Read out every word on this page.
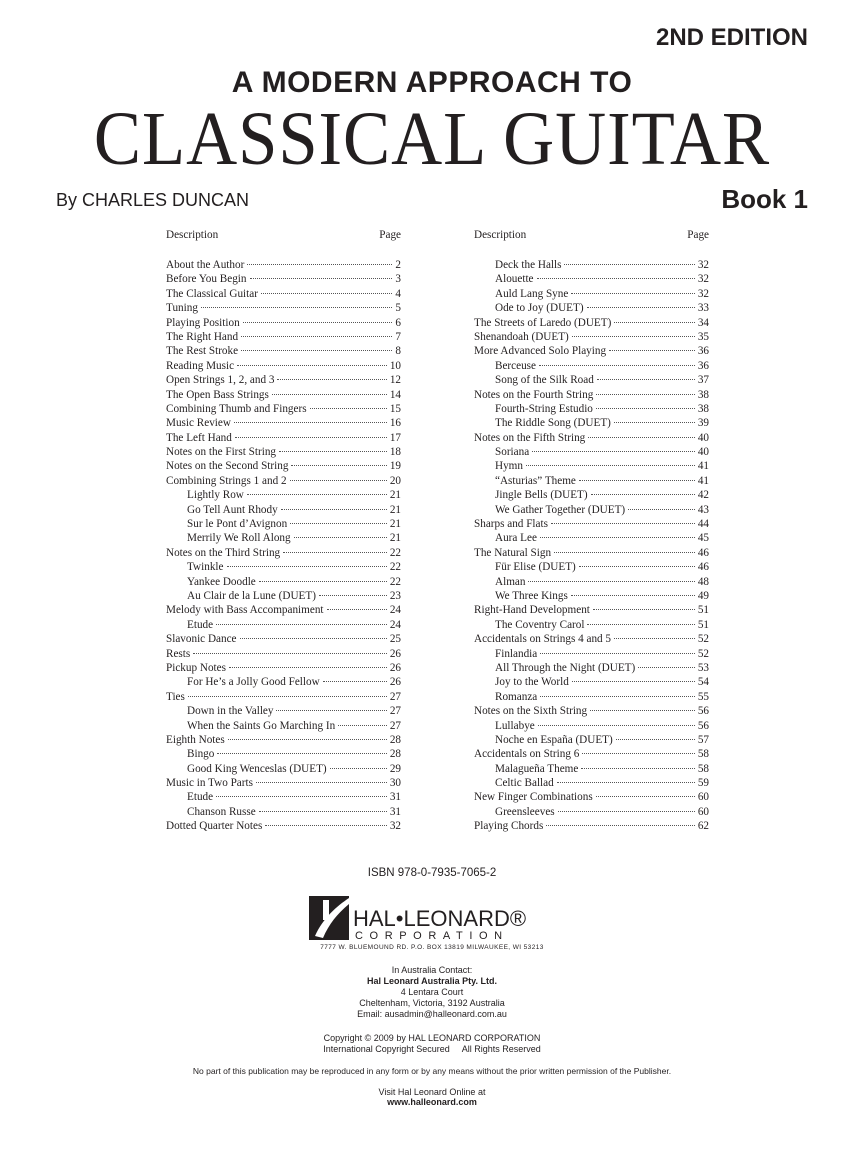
2ND EDITION
A MODERN APPROACH TO
CLASSICAL GUITAR
By CHARLES DUNCAN	Book 1
Description	Page
About the Author	2
Before You Begin	3
The Classical Guitar	4
Tuning	5
Playing Position	6
The Right Hand	7
The Rest Stroke	8
Reading Music	10
Open Strings 1, 2, and 3	12
The Open Bass Strings	14
Combining Thumb and Fingers	15
Music Review	16
The Left Hand	17
Notes on the First String	18
Notes on the Second String	19
Combining Strings 1 and 2	20
Lightly Row	21
Go Tell Aunt Rhody	21
Sur le Pont d’Avignon	21
Merrily We Roll Along	21
Notes on the Third String	22
Twinkle	22
Yankee Doodle	22
Au Clair de la Lune (DUET)	23
Melody with Bass Accompaniment	24
Etude	24
Slavonic Dance	25
Rests	26
Pickup Notes	26
For He’s a Jolly Good Fellow	26
Ties	27
Down in the Valley	27
When the Saints Go Marching In	27
Eighth Notes	28
Bingo	28
Good King Wenceslas (DUET)	29
Music in Two Parts	30
Etude	31
Chanson Russe	31
Dotted Quarter Notes	32
Description	Page
Deck the Halls	32
Alouette	32
Auld Lang Syne	32
Ode to Joy (DUET)	33
The Streets of Laredo (DUET)	34
Shenandoah (DUET)	35
More Advanced Solo Playing	36
Berceuse	36
Song of the Silk Road	37
Notes on the Fourth String	38
Fourth-String Estudio	38
The Riddle Song (DUET)	39
Notes on the Fifth String	40
Soriana	40
Hymn	41
“Asturias” Theme	41
Jingle Bells (DUET)	42
We Gather Together (DUET)	43
Sharps and Flats	44
Aura Lee	45
The Natural Sign	46
Für Elise (DUET)	46
Alman	48
We Three Kings	49
Right-Hand Development	51
The Coventry Carol	51
Accidentals on Strings 4 and 5	52
Finlandia	52
All Through the Night (DUET)	53
Joy to the World	54
Romanza	55
Notes on the Sixth String	56
Lullabye	56
Noche en España (DUET)	57
Accidentals on String 6	58
Malagueña Theme	58
Celtic Ballad	59
New Finger Combinations	60
Greensleeves	60
Playing Chords	62
ISBN 978-0-7935-7065-2
HAL•LEONARD®
CORPORATION
7777 W. BLUEMOUND RD. P.O. BOX 13819 MILWAUKEE, WI 53213
In Australia Contact:
Hal Leonard Australia Pty. Ltd.
4 Lentara Court
Cheltenham, Victoria, 3192 Australia
Email: ausadmin@halleonard.com.au
Copyright © 2009 by HAL LEONARD CORPORATION
International Copyright Secured     All Rights Reserved
No part of this publication may be reproduced in any form or by any means without the prior written permission of the Publisher.
Visit Hal Leonard Online at
www.halleonard.com
